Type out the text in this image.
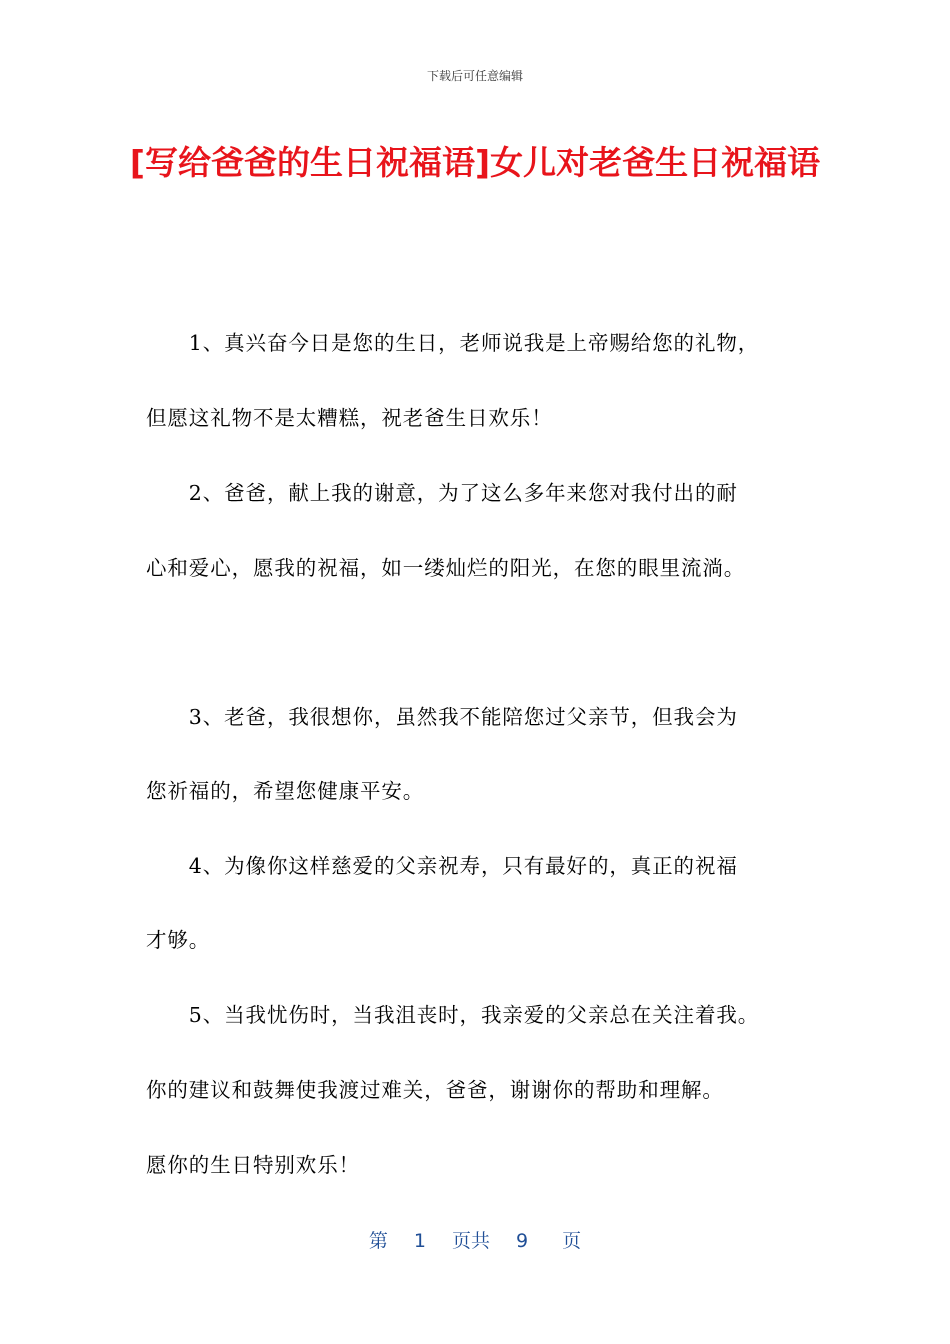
下载后可任意编辑
[写给爸爸的生日祝福语]女儿对老爸生日祝福语
　　1、真兴奋今日是您的生日，老师说我是上帝赐给您的礼物，
但愿这礼物不是太糟糕，祝老爸生日欢乐！
　　2、爸爸，献上我的谢意，为了这么多年来您对我付出的耐
心和爱心，愿我的祝福，如一缕灿烂的阳光，在您的眼里流淌。
　　3、老爸，我很想你，虽然我不能陪您过父亲节，但我会为
您祈福的，希望您健康平安。
　　4、为像你这样慈爱的父亲祝寿，只有最好的，真正的祝福
才够。
　　5、当我忧伤时，当我沮丧时，我亲爱的父亲总在关注着我。
你的建议和鼓舞使我渡过难关，爸爸，谢谢你的帮助和理解。
愿你的生日特别欢乐！
第 1 页共 9 页
